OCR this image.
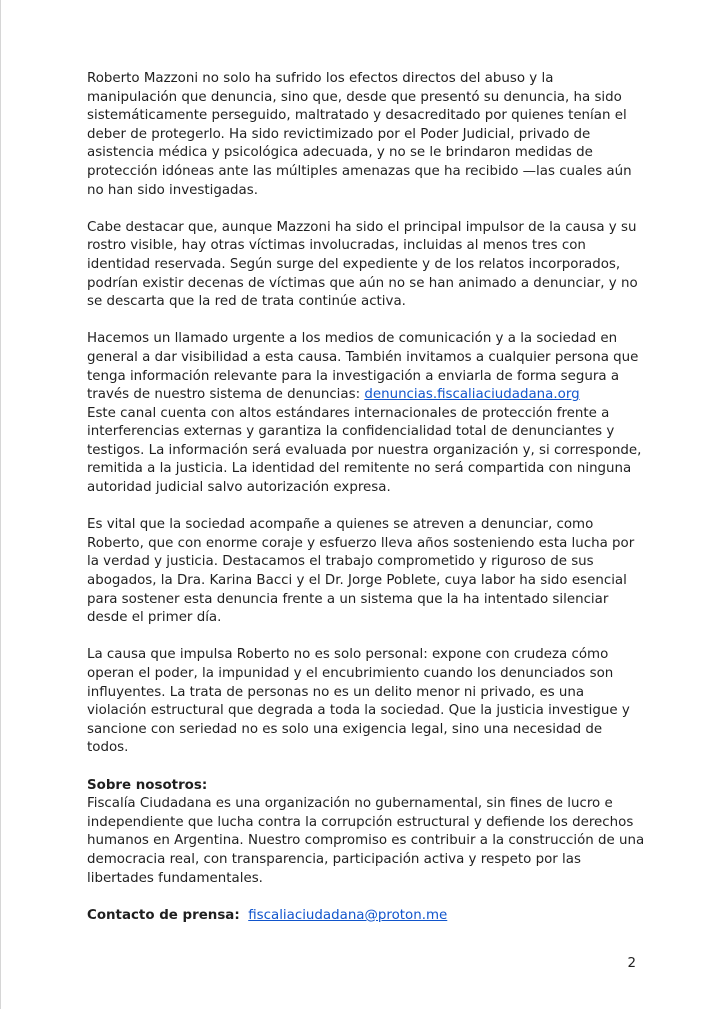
Roberto Mazzoni no solo ha sufrido los efectos directos del abuso y la manipulación que denuncia, sino que, desde que presentó su denuncia, ha sido sistemáticamente perseguido, maltratado y desacreditado por quienes tenían el deber de protegerlo. Ha sido revictimizado por el Poder Judicial, privado de asistencia médica y psicológica adecuada, y no se le brindaron medidas de protección idóneas ante las múltiples amenazas que ha recibido —las cuales aún no han sido investigadas.

Cabe destacar que, aunque Mazzoni ha sido el principal impulsor de la causa y su rostro visible, hay otras víctimas involucradas, incluidas al menos tres con identidad reservada. Según surge del expediente y de los relatos incorporados, podrían existir decenas de víctimas que aún no se han animado a denunciar, y no se descarta que la red de trata continúe activa.

Hacemos un llamado urgente a los medios de comunicación y a la sociedad en general a dar visibilidad a esta causa. También invitamos a cualquier persona que tenga información relevante para la investigación a enviarla de forma segura a través de nuestro sistema de denuncias: denuncias.fiscaliaciudadana.org
Este canal cuenta con altos estándares internacionales de protección frente a interferencias externas y garantiza la confidencialidad total de denunciantes y testigos. La información será evaluada por nuestra organización y, si corresponde, remitida a la justicia. La identidad del remitente no será compartida con ninguna autoridad judicial salvo autorización expresa.

Es vital que la sociedad acompañe a quienes se atreven a denunciar, como Roberto, que con enorme coraje y esfuerzo lleva años sosteniendo esta lucha por la verdad y justicia. Destacamos el trabajo comprometido y riguroso de sus abogados, la Dra. Karina Bacci y el Dr. Jorge Poblete, cuya labor ha sido esencial para sostener esta denuncia frente a un sistema que la ha intentado silenciar desde el primer día.

La causa que impulsa Roberto no es solo personal: expone con crudeza cómo operan el poder, la impunidad y el encubrimiento cuando los denunciados son influyentes. La trata de personas no es un delito menor ni privado, es una violación estructural que degrada a toda la sociedad. Que la justicia investigue y sancione con seriedad no es solo una exigencia legal, sino una necesidad de todos.

Sobre nosotros:
Fiscalía Ciudadana es una organización no gubernamental, sin fines de lucro e independiente que lucha contra la corrupción estructural y defiende los derechos humanos en Argentina. Nuestro compromiso es contribuir a la construcción de una democracia real, con transparencia, participación activa y respeto por las libertades fundamentales.

Contacto de prensa: fiscaliaciudadana@proton.me

2
